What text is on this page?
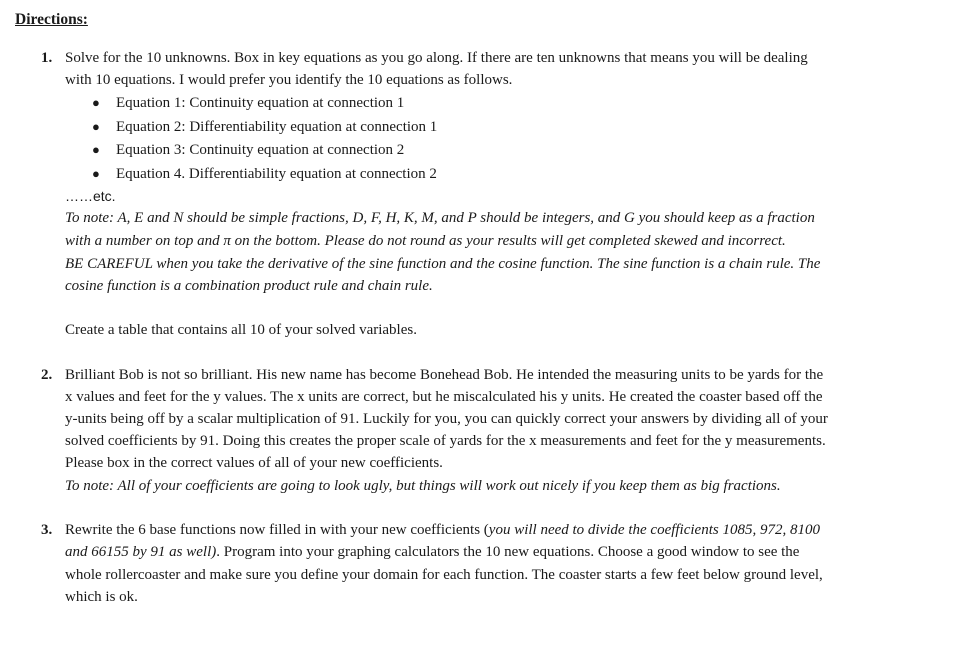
Directions:
1. Solve for the 10 unknowns. Box in key equations as you go along. If there are ten unknowns that means you will be dealing
with 10 equations. I would prefer you identify the 10 equations as follows.
● Equation 1: Continuity equation at connection 1
● Equation 2: Differentiability equation at connection 1
● Equation 3: Continuity equation at connection 2
● Equation 4. Differentiability equation at connection 2
……etc.
To note: A, E and N should be simple fractions, D, F, H, K, M, and P should be integers, and G you should keep as a fraction
with a number on top and π on the bottom. Please do not round as your results will get completed skewed and incorrect.
BE CAREFUL when you take the derivative of the sine function and the cosine function. The sine function is a chain rule. The
cosine function is a combination product rule and chain rule.
Create a table that contains all 10 of your solved variables.
2. Brilliant Bob is not so brilliant. His new name has become Bonehead Bob. He intended the measuring units to be yards for the
x values and feet for the y values. The x units are correct, but he miscalculated his y units. He created the coaster based off the
y-units being off by a scalar multiplication of 91. Luckily for you, you can quickly correct your answers by dividing all of your
solved coefficients by 91. Doing this creates the proper scale of yards for the x measurements and feet for the y measurements.
Please box in the correct values of all of your new coefficients.
To note: All of your coefficients are going to look ugly, but things will work out nicely if you keep them as big fractions.
3. Rewrite the 6 base functions now filled in with your new coefficients (you will need to divide the coefficients 1085, 972, 8100
and 66155 by 91 as well). Program into your graphing calculators the 10 new equations. Choose a good window to see the
whole rollercoaster and make sure you define your domain for each function. The coaster starts a few feet below ground level,
which is ok.
